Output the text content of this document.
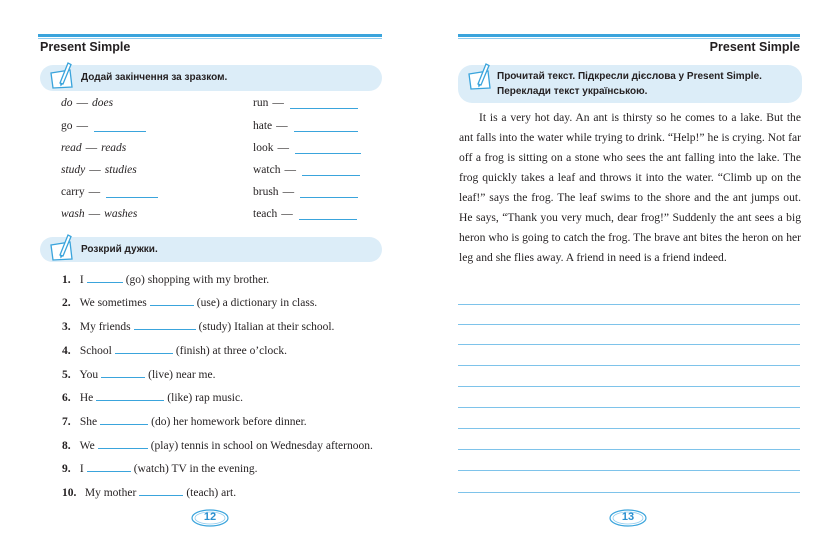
Present Simple
Додай закінчення за зразком.
do — does
go —
read — reads
study — studies
carry —
wash — washes
run —
hate —
look —
watch —
brush —
teach —
Розкрий дужки.
1. I	(go) shopping with my brother.
2. We sometimes	(use) a dictionary in class.
3. My friends	(study) Italian at their school.
4. School	(finish) at three o’clock.
5. You	(live) near me.
6. He	(like) rap music.
7. She	(do) her homework before dinner.
8. We	(play) tennis in school on Wednesday afternoon.
9. I	(watch) TV in the evening.
10. My mother	(teach) art.
12
Present Simple
Прочитай текст. Підкресли дієслова у Present Simple.
Переклади текст українською.

It is a very hot day. An ant is thirsty so he comes to a lake. But the ant falls into the water while trying to drink. “Help!” he is crying. Not far off a frog is sitting on a stone who sees the ant falling into the lake. The frog quickly takes a leaf and throws it into the water. “Climb up on the leaf!” says the frog. The leaf swims to the shore and the ant jumps out. He says, “Thank you very much, dear frog!” Suddenly the ant sees a big heron who is going to catch the frog. The brave ant bites the heron on her leg and she flies away. A friend in need is a friend indeed.

13
